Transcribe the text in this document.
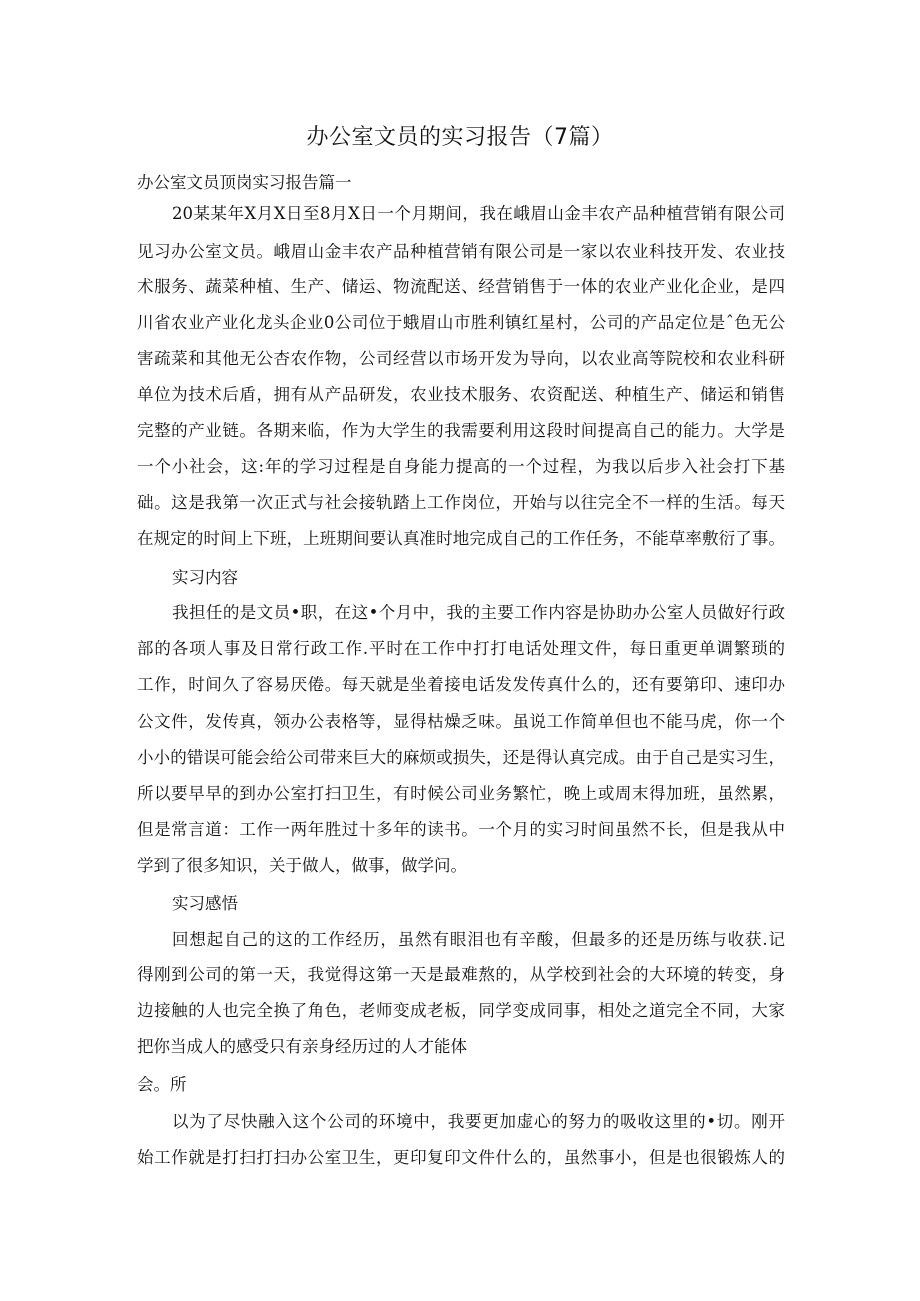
办公室文员的实习报告（7篇）
办公室文员顶岗实习报告篇一
20某某年X月X日至8月X日一个月期间，我在峨眉山金丰农产品种植营销有限公司
见习办公室文员。峨眉山金丰农产品种植营销有限公司是一家以农业科技开发、农业技
术服务、蔬菜种植、生产、储运、物流配送、经营销售于一体的农业产业化企业，是四
川省农业产业化龙头企业0公司位于蛾眉山市胜利镇红星村，公司的产品定位是ˆ色无公
害疏菜和其他无公杏农作物，公司经营以市场开发为导向，以农业高等院校和农业科研
单位为技术后盾，拥有从产品研发，农业技术服务、农资配送、种植生产、储运和销售
完整的产业链。各期来临，作为大学生的我需要利用这段时间提高自己的能力。大学是
一个小社会，这:年的学习过程是自身能力提高的一个过程，为我以后步入社会打下基
础。这是我第一次正式与社会接轨踏上工作岗位，开始与以往完全不一样的生活。每天
在规定的时间上下班，上班期间要认真准时地完成自己的工作任务，不能草率敷衍了事。
实习内容
我担任的是文员•职，在这•个月中，我的主要工作内容是协助办公室人员做好行政
部的各项人事及日常行政工作.平时在工作中打打电话处理文件，每日重更单调繁琐的
工作，时间久了容易厌倦。每天就是坐着接电话发发传真什么的，还有要第印、速印办
公文件，发传真，领办公表格等，显得枯燥乏味。虽说工作简单但也不能马虎，你一个
小小的错误可能会给公司带来巨大的麻烦或损失，还是得认真完成。由于自己是实习生，
所以要早早的到办公室打扫卫生，有时候公司业务繁忙，晚上或周末得加班，虽然累，
但是常言道：工作一两年胜过十多年的读书。一个月的实习时间虽然不长，但是我从中
学到了很多知识，关于做人，做事，做学问。
实习感悟
回想起自己的这的工作经历，虽然有眼泪也有辛酸，但最多的还是历练与收获.记
得刚到公司的第一天，我觉得这第一天是最难熬的，从学校到社会的大环境的转变，身
边接触的人也完全换了角色，老师变成老板，同学变成同事，相处之道完全不同，大家
把你当成人的感受只有亲身经历过的人才能体
会。所
以为了尽快融入这个公司的环境中，我要更加虚心的努力的吸收这里的•切。刚开
始工作就是打扫打扫办公室卫生，更印复印文件什么的，虽然事小，但是也很锻炼人的
